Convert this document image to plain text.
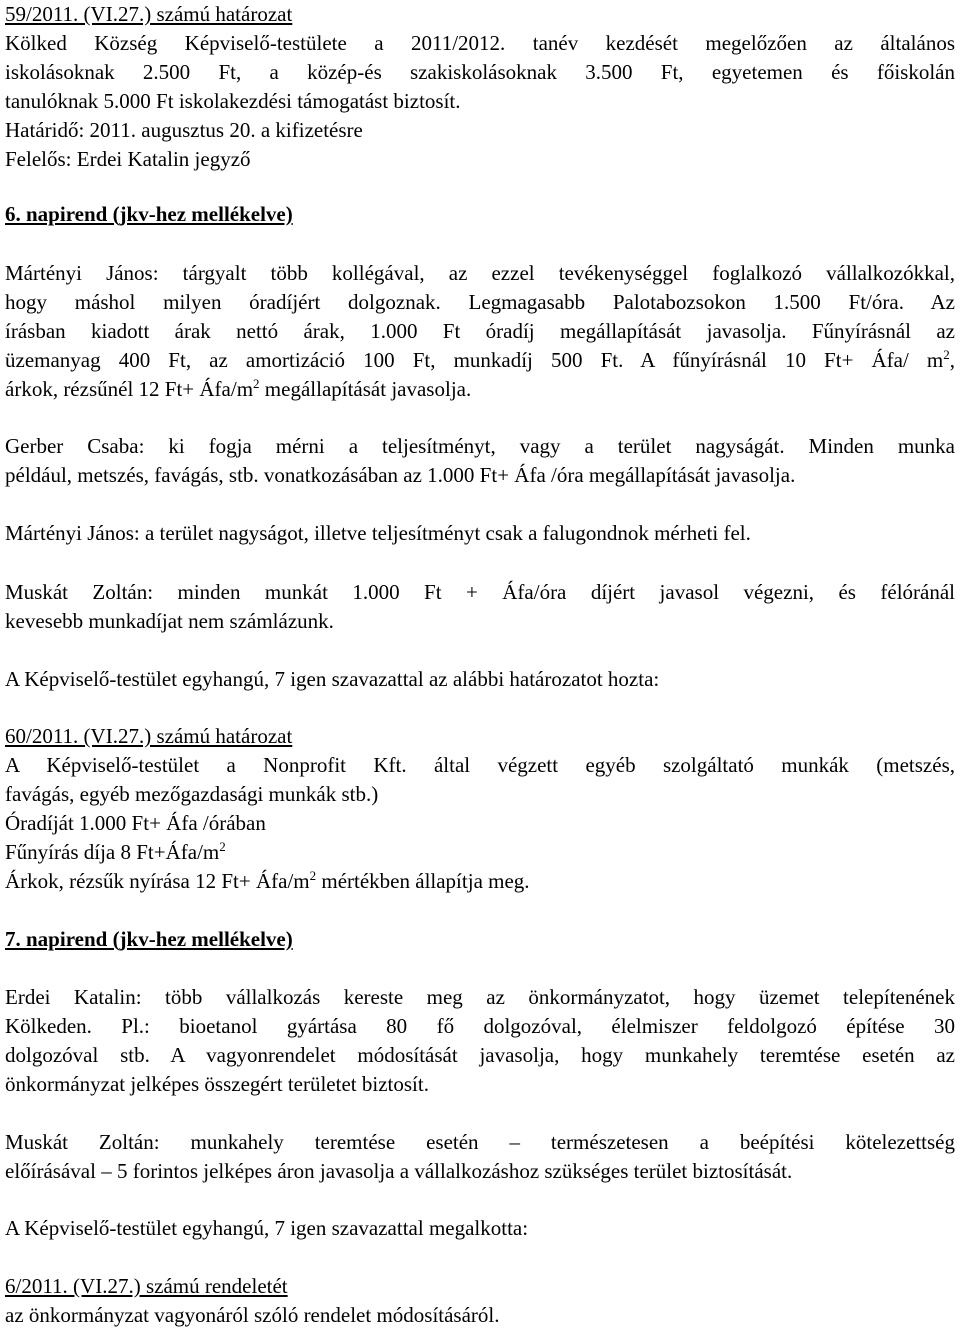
59/2011. (VI.27.) számú határozat
Kölked Község Képviselő-testülete a 2011/2012. tanév kezdését megelőzően az általános
iskolásoknak 2.500 Ft, a közép-és szakiskolásoknak 3.500 Ft, egyetemen és főiskolán
tanulóknak 5.000 Ft iskolakezdési támogatást biztosít.
Határidő: 2011. augusztus 20. a kifizetésre
Felelős: Erdei Katalin jegyző
6. napirend (jkv-hez mellékelve)
Mártényi János: tárgyalt több kollégával, az ezzel tevékenységgel foglalkozó vállalkozókkal,
hogy máshol milyen óradíjért dolgoznak. Legmagasabb Palotabozsokon 1.500 Ft/óra. Az
írásban kiadott árak nettó árak, 1.000 Ft óradíj megállapítását javasolja. Fűnyírásnál az
üzemanyag 400 Ft, az amortizáció 100 Ft, munkadíj 500 Ft. A fűnyírásnál 10 Ft+ Áfa/ $m^2$,
árkok, rézsűnél 12 Ft+ Áfa/$m^2$ megállapítását javasolja.
Gerber Csaba: ki fogja mérni a teljesítményt, vagy a terület nagyságát. Minden munka
például, metszés, favágás, stb. vonatkozásában az 1.000 Ft+ Áfa /óra megállapítását javasolja.
Mártényi János: a terület nagyságot, illetve teljesítményt csak a falugondnok mérheti fel.
Muskát Zoltán: minden munkát 1.000 Ft + Áfa/óra díjért javasol végezni, és félóránál
kevesebb munkadíjat nem számlázunk.
A Képviselő-testület egyhangú, 7 igen szavazattal az alábbi határozatot hozta:
60/2011. (VI.27.) számú határozat
A Képviselő-testület a Nonprofit Kft. által végzett egyéb szolgáltató munkák (metszés,
favágás, egyéb mezőgazdasági munkák stb.)
Óradíját 1.000 Ft+ Áfa /órában
Fűnyírás díja 8 $Ft+Áfa/m^2$
Árkok, rézsűk nyírása 12 Ft+ Áfa/$m^2$ mértékben állapítja meg.
7. napirend (jkv-hez mellékelve)
Erdei Katalin: több vállalkozás kereste meg az önkormányzatot, hogy üzemet telepítenének
Kölkeden. Pl.: bioetanol gyártása 80 fő dolgozóval, élelmiszer feldolgozó építése 30
dolgozóval stb. A vagyonrendelet módosítását javasolja, hogy munkahely teremtése esetén az
önkormányzat jelképes összegért területet biztosít.
Muskát Zoltán: munkahely teremtése esetén – természetesen a beépítési kötelezettség
előírásával – 5 forintos jelképes áron javasolja a vállalkozáshoz szükséges terület biztosítását.
A Képviselő-testület egyhangú, 7 igen szavazattal megalkotta:
6/2011. (VI.27.) számú rendeletét
az önkormányzat vagyonáról szóló rendelet módosításáról.
